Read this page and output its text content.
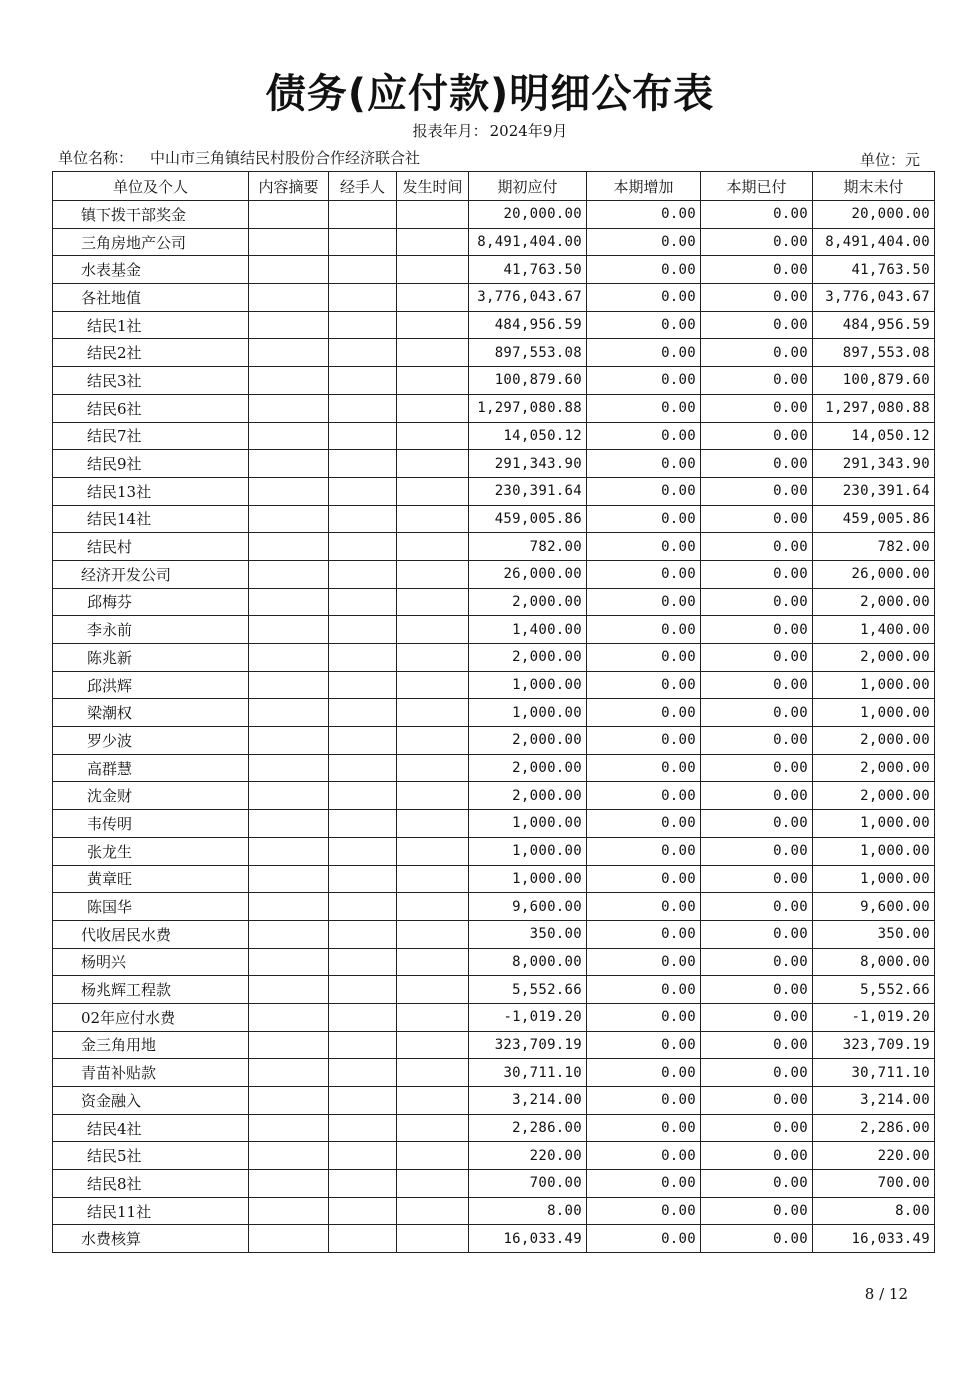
债务(应付款)明细公布表
报表年月： 2024年9月
单位名称： 中山市三角镇结民村股份合作经济联合社	单位：元
单位及个人	内容摘要	经手人	发生时间	期初应付	本期增加	本期已付	期末未付
镇下拨干部奖金				20,000.00	0.00	0.00	20,000.00
三角房地产公司				8,491,404.00	0.00	0.00	8,491,404.00
水表基金				41,763.50	0.00	0.00	41,763.50
各社地值				3,776,043.67	0.00	0.00	3,776,043.67
结民1社				484,956.59	0.00	0.00	484,956.59
结民2社				897,553.08	0.00	0.00	897,553.08
结民3社				100,879.60	0.00	0.00	100,879.60
结民6社				1,297,080.88	0.00	0.00	1,297,080.88
结民7社				14,050.12	0.00	0.00	14,050.12
结民9社				291,343.90	0.00	0.00	291,343.90
结民13社				230,391.64	0.00	0.00	230,391.64
结民14社				459,005.86	0.00	0.00	459,005.86
结民村				782.00	0.00	0.00	782.00
经济开发公司				26,000.00	0.00	0.00	26,000.00
邱梅芬				2,000.00	0.00	0.00	2,000.00
李永前				1,400.00	0.00	0.00	1,400.00
陈兆新				2,000.00	0.00	0.00	2,000.00
邱洪辉				1,000.00	0.00	0.00	1,000.00
梁潮权				1,000.00	0.00	0.00	1,000.00
罗少波				2,000.00	0.00	0.00	2,000.00
高群慧				2,000.00	0.00	0.00	2,000.00
沈金财				2,000.00	0.00	0.00	2,000.00
韦传明				1,000.00	0.00	0.00	1,000.00
张龙生				1,000.00	0.00	0.00	1,000.00
黄章旺				1,000.00	0.00	0.00	1,000.00
陈国华				9,600.00	0.00	0.00	9,600.00
代收居民水费				350.00	0.00	0.00	350.00
杨明兴				8,000.00	0.00	0.00	8,000.00
杨兆辉工程款				5,552.66	0.00	0.00	5,552.66
02年应付水费				-1,019.20	0.00	0.00	-1,019.20
金三角用地				323,709.19	0.00	0.00	323,709.19
青苗补贴款				30,711.10	0.00	0.00	30,711.10
资金融入				3,214.00	0.00	0.00	3,214.00
结民4社				2,286.00	0.00	0.00	2,286.00
结民5社				220.00	0.00	0.00	220.00
结民8社				700.00	0.00	0.00	700.00
结民11社				8.00	0.00	0.00	8.00
水费核算				16,033.49	0.00	0.00	16,033.49
8 / 12
